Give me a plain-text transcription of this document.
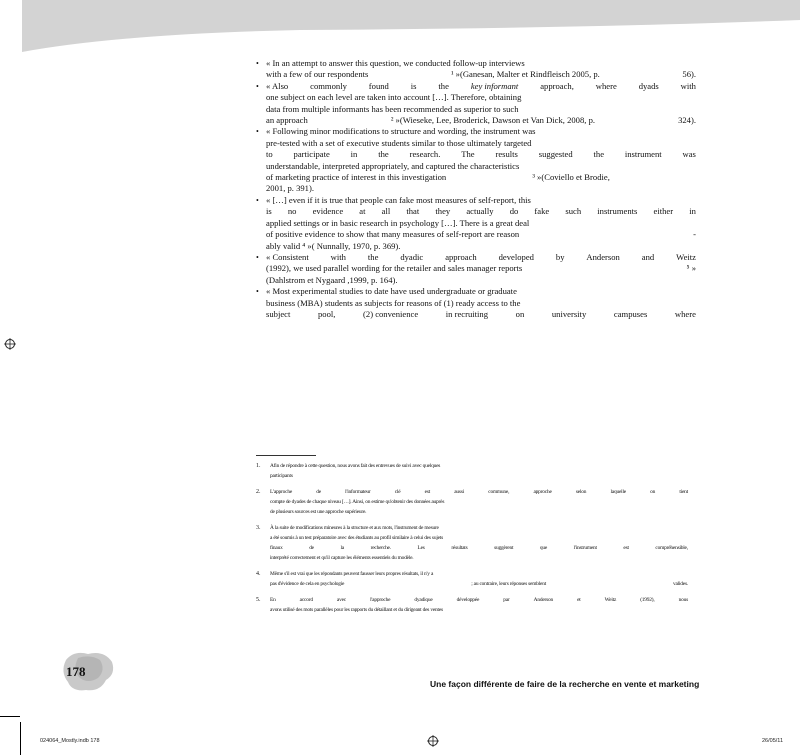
• « In an attempt to answer this question, we conducted follow-up interviews
with a few of our respondents	¹ »(Ganesan, Malter et Rindfleisch 2005, p.	56).
• « Also	commonly	found	is	the	key informant	approach,	where	dyads	with
one subject on each level are taken into account […]. Therefore, obtaining
data from multiple informants has been recommended as superior to such
an approach	² »(Wieseke, Lee, Broderick, Dawson et Van Dick, 2008, p.	324).
• « Following minor modifications to structure and wording, the instrument was
pre-tested with a set of executive students similar to those ultimately targeted
to participate in the research. The results suggested the instrument was
understandable, interpreted appropriately, and captured the characteristics
of marketing practice of interest in this investigation	³ »(Coviello et Brodie,
2001, p. 391).
• « […] even if it is true that people can fake most measures of self-report, this
is no evidence at all that they actually do fake such instruments either in
applied settings or in basic research in psychology […]. There is a great deal
of positive evidence to show that many measures of self-report are reason	-
ably valid ⁴ »( Nunnally, 1970, p. 369).
• « Consistent	with	the	dyadic	approach	developed	by	Anderson	and	Weitz
(1992), we used parallel wording for the retailer and sales manager reports	⁵ »
(Dahlstrom et Nygaard ,1999, p. 164).
• « Most experimental studies to date have used undergraduate or graduate
business (MBA) students as subjects for reasons of (1) ready access to the
subject	pool,	(2) convenience	in recruiting	on	university	campuses	where
1. Afin de répondre à cette question, nous avons fait des entrevues de suivi avec quelques
participants
2. L'approche	de	l'informateur	clé	est	aussi	commune,	approche	selon	laquelle	on	tient
compte de dyades de chaque niveau […]. Ainsi, on estime qu'obtenir des données auprès
de plusieurs sources est une approche supérieure.
3. À la suite de modifications mineures à la structure et aux mots, l'instrument de mesure
a été soumis à un test préparatoire avec des étudiants au profil similaire à celui des sujets
finaux	de	la	recherche.	Les	résultats	suggèrent	que	l'instrument	est	compréhensible,
interprété correctement et qu'il capture les éléments essentiels du modèle.
4. Même s'il est vrai que les répondants peuvent fausser leurs propres résultats, il n'y a
pas d'évidence de cela en psychologie	; au contraire, leurs réponses semblent	valides.
5. En	accord	avec	l'approche	dyadique	développée	par	Anderson	et	Weitz	(1992),	nous
avons utilisé des mots parallèles pour les rapports du détaillant et du dirigeant des ventes
178
Une façon différente de faire de la recherche en vente et marketing
024064_Mostly.indb 178	26/05/11
